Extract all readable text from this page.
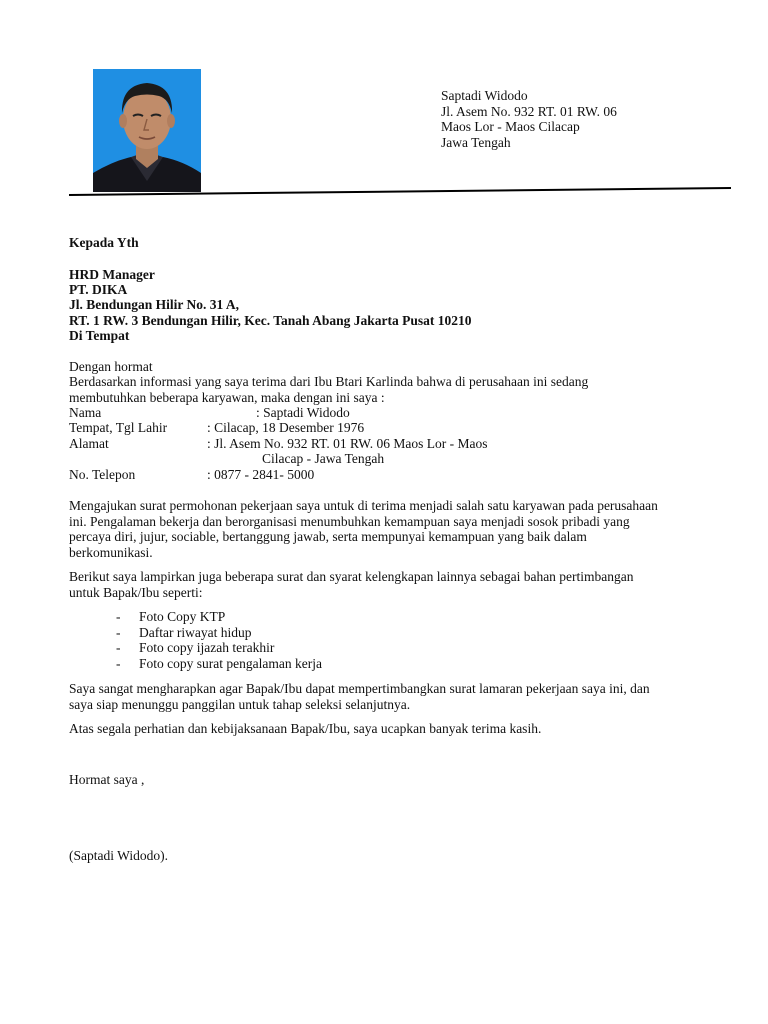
Saptadi Widodo
Jl. Asem No. 932 RT. 01 RW. 06
Maos Lor - Maos Cilacap
Jawa Tengah
Kepada Yth
HRD Manager
PT. DIKA
Jl. Bendungan Hilir No. 31 A,
RT. 1 RW. 3 Bendungan Hilir, Kec. Tanah Abang Jakarta Pusat 10210
Di Tempat
Dengan hormat
Berdasarkan informasi yang saya terima dari Ibu Btari Karlinda bahwa di perusahaan ini sedang
membutuhkan beberapa karyawan, maka dengan ini saya :
Nama	: Saptadi Widodo
Tempat, Tgl Lahir	: Cilacap, 18 Desember 1976
Alamat	: Jl. Asem No. 932 RT. 01 RW. 06 Maos Lor - Maos
Cilacap - Jawa Tengah
No. Telepon	: 0877 - 2841- 5000
Mengajukan surat permohonan pekerjaan saya untuk di terima menjadi salah satu karyawan pada perusahaan
ini. Pengalaman bekerja dan berorganisasi menumbuhkan kemampuan saya menjadi sosok pribadi yang
percaya diri, jujur, sociable, bertanggung jawab, serta mempunyai kemampuan yang baik dalam
berkomunikasi.
Berikut saya lampirkan juga beberapa surat dan syarat kelengkapan lainnya sebagai bahan pertimbangan
untuk Bapak/Ibu seperti:
- Foto Copy KTP
- Daftar riwayat hidup
- Foto copy ijazah terakhir
- Foto copy surat pengalaman kerja
Saya sangat mengharapkan agar Bapak/Ibu dapat mempertimbangkan surat lamaran pekerjaan saya ini, dan
saya siap menunggu panggilan untuk tahap seleksi selanjutnya.
Atas segala perhatian dan kebijaksanaan Bapak/Ibu, saya ucapkan banyak terima kasih.
Hormat saya ,
(Saptadi Widodo).
